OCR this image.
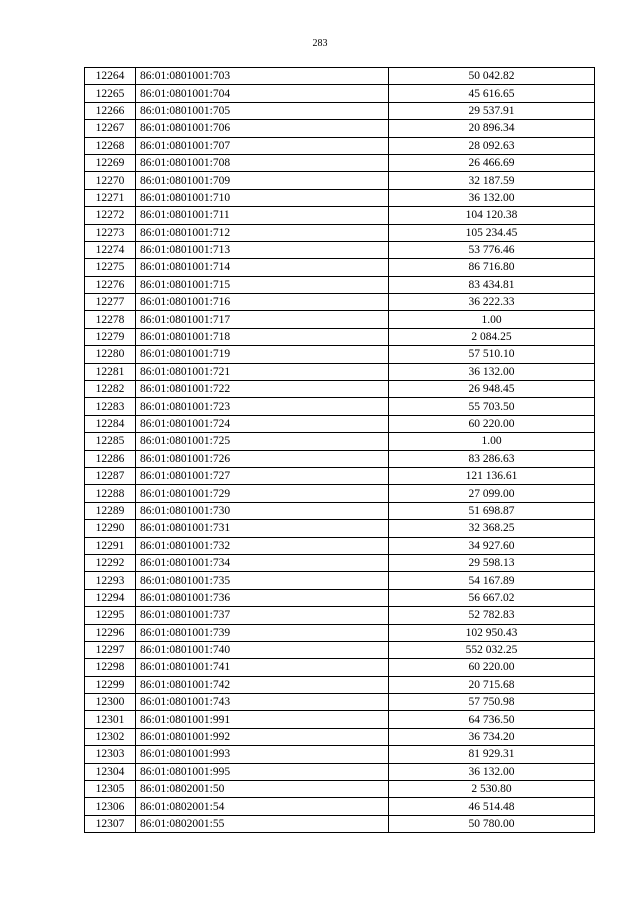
283
12264	86:01:0801001:703	50 042.82
12265	86:01:0801001:704	45 616.65
12266	86:01:0801001:705	29 537.91
12267	86:01:0801001:706	20 896.34
12268	86:01:0801001:707	28 092.63
12269	86:01:0801001:708	26 466.69
12270	86:01:0801001:709	32 187.59
12271	86:01:0801001:710	36 132.00
12272	86:01:0801001:711	104 120.38
12273	86:01:0801001:712	105 234.45
12274	86:01:0801001:713	53 776.46
12275	86:01:0801001:714	86 716.80
12276	86:01:0801001:715	83 434.81
12277	86:01:0801001:716	36 222.33
12278	86:01:0801001:717	1.00
12279	86:01:0801001:718	2 084.25
12280	86:01:0801001:719	57 510.10
12281	86:01:0801001:721	36 132.00
12282	86:01:0801001:722	26 948.45
12283	86:01:0801001:723	55 703.50
12284	86:01:0801001:724	60 220.00
12285	86:01:0801001:725	1.00
12286	86:01:0801001:726	83 286.63
12287	86:01:0801001:727	121 136.61
12288	86:01:0801001:729	27 099.00
12289	86:01:0801001:730	51 698.87
12290	86:01:0801001:731	32 368.25
12291	86:01:0801001:732	34 927.60
12292	86:01:0801001:734	29 598.13
12293	86:01:0801001:735	54 167.89
12294	86:01:0801001:736	56 667.02
12295	86:01:0801001:737	52 782.83
12296	86:01:0801001:739	102 950.43
12297	86:01:0801001:740	552 032.25
12298	86:01:0801001:741	60 220.00
12299	86:01:0801001:742	20 715.68
12300	86:01:0801001:743	57 750.98
12301	86:01:0801001:991	64 736.50
12302	86:01:0801001:992	36 734.20
12303	86:01:0801001:993	81 929.31
12304	86:01:0801001:995	36 132.00
12305	86:01:0802001:50	2 530.80
12306	86:01:0802001:54	46 514.48
12307	86:01:0802001:55	50 780.00
